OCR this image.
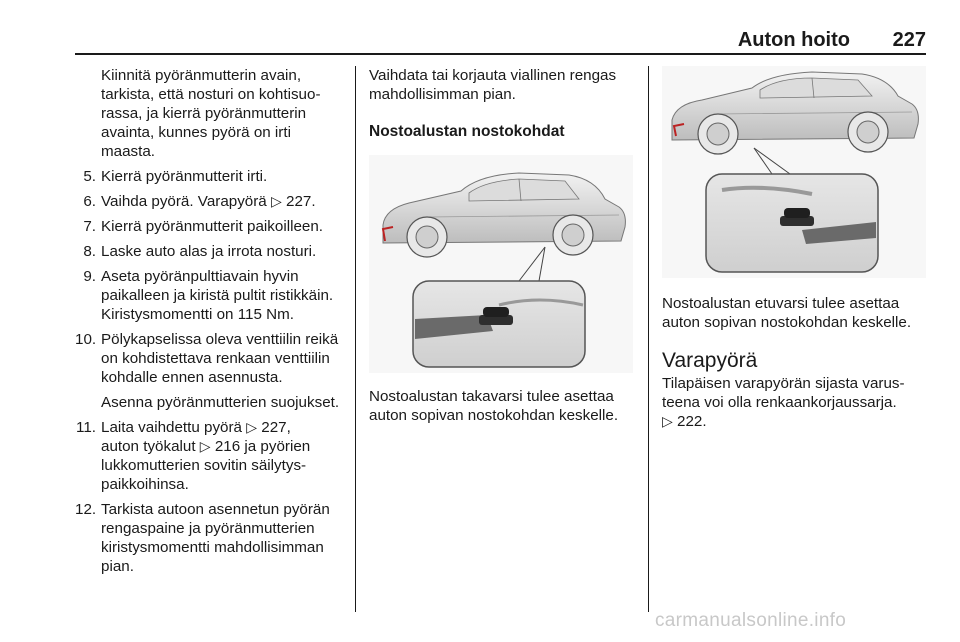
Auton hoito	227

Kiinnitä pyöränmutterin avain, tarkista, että nosturi on kohtisuorassa, ja kierrä pyöränmutterin avainta, kunnes pyörä on irti maasta.

5. Kierrä pyöränmutterit irti.
6. Vaihda pyörä. Varapyörä ▷ 227.
7. Kierrä pyöränmutterit paikoilleen.
8. Laske auto alas ja irrota nosturi.
9. Aseta pyöränpulttiavain hyvin paikalleen ja kiristä pultit ristikkäin. Kiristysmomentti on 115 Nm.
10. Pölykapselissa oleva venttiilin reikä on kohdistettava renkaan venttiilin kohdalle ennen asennusta.
Asenna pyöränmutterien suojukset.
11. Laita vaihdettu pyörä ▷ 227,
auton työkalut ▷ 216 ja pyörien lukkomutterien sovitin säilytyspaikkoihinsa.
12. Tarkista autoon asennetun pyörän rengaspaine ja pyöränmutterien kiristysmomentti mahdollisimman pian.

Vaihdata tai korjauta viallinen rengas mahdollisimman pian.

Nostoalustan nostokohdat

Nostoalustan takavarsi tulee asettaa auton sopivan nostokohdan keskelle.

Nostoalustan etuvarsi tulee asettaa auton sopivan nostokohdan keskelle.

Varapyörä

Tilapäisen varapyörän sijasta varusteena voi olla renkaankorjaussarja.
▷ 222.

carmanualsonline.info
